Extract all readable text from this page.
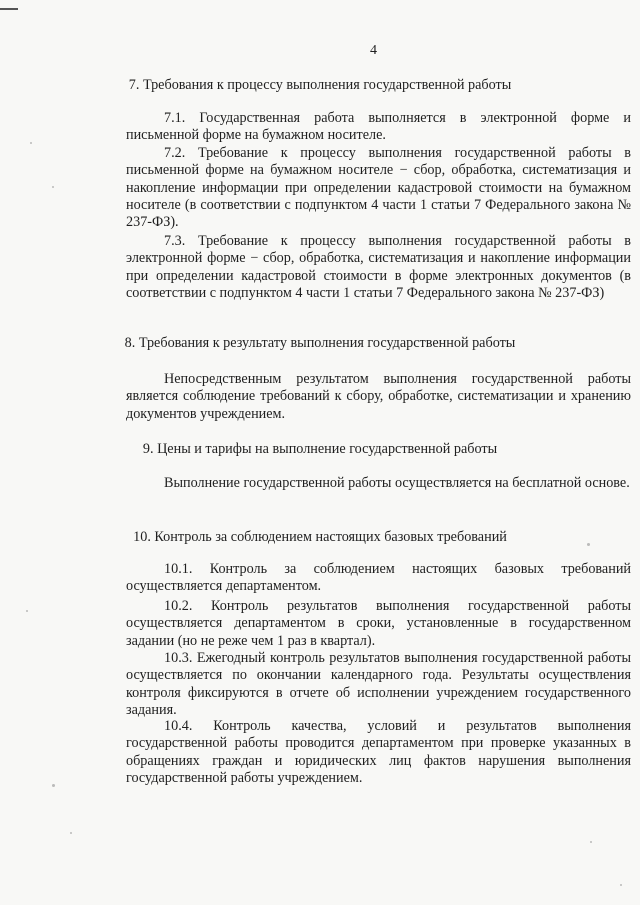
4
7. Требования к процессу выполнения государственной работы
7.1. Государственная работа выполняется в электронной форме и письменной форме на бумажном носителе.
7.2. Требование к процессу выполнения государственной работы в письменной форме на бумажном носителе − сбор, обработка, систематизация и накопление информации при определении кадастровой стоимости на бумажном носителе (в соответствии с подпунктом 4 части 1 статьи 7 Федерального закона № 237-ФЗ).
7.3. Требование к процессу выполнения государственной работы в электронной форме − сбор, обработка, систематизация и накопление информации при определении кадастровой стоимости в форме электронных документов (в соответствии с подпунктом 4 части 1 статьи 7 Федерального закона № 237-ФЗ)
8. Требования к результату выполнения государственной работы
Непосредственным результатом выполнения государственной работы является соблюдение требований к сбору, обработке, систематизации и хранению документов учреждением.
9. Цены и тарифы на выполнение государственной работы
Выполнение государственной работы осуществляется на бесплатной основе.
10. Контроль за соблюдением настоящих базовых требований
10.1. Контроль за соблюдением настоящих базовых требований осуществляется департаментом.
10.2. Контроль результатов выполнения государственной работы осуществляется департаментом в сроки, установленные в государственном задании (но не реже чем 1 раз в квартал).
10.3. Ежегодный контроль результатов выполнения государственной работы осуществляется по окончании календарного года. Результаты осуществления контроля фиксируются в отчете об исполнении учреждением государственного задания.
10.4. Контроль качества, условий и результатов выполнения государственной работы проводится департаментом при проверке указанных в обращениях граждан и юридических лиц фактов нарушения выполнения государственной работы учреждением.
